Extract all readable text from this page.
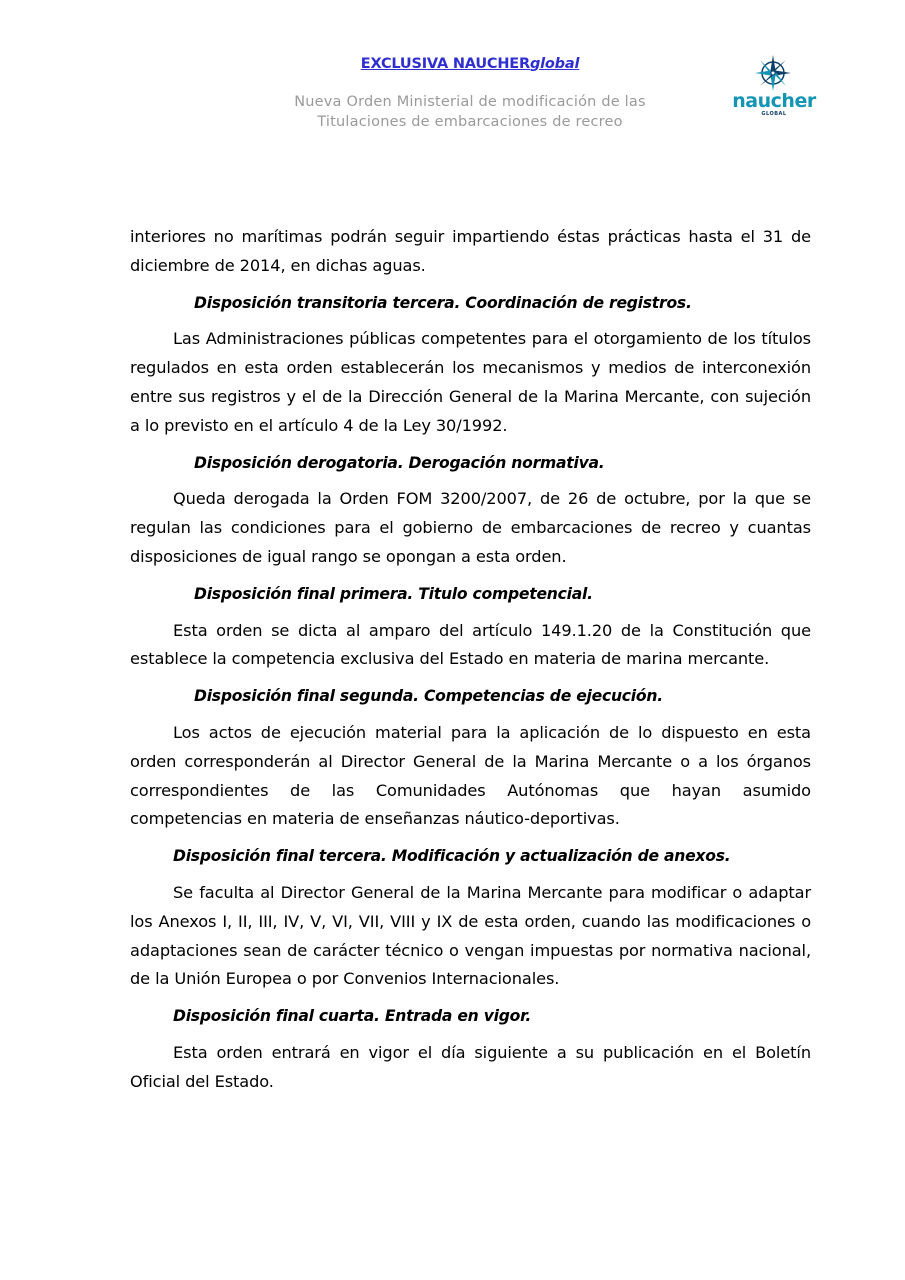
EXCLUSIVA NAUCHERglobal
Nueva Orden Ministerial de modificación de las
Titulaciones de embarcaciones de recreo
naucher
GLOBAL

interiores no marítimas podrán seguir impartiendo éstas prácticas hasta el 31 de diciembre de 2014, en dichas aguas.

Disposición transitoria tercera. Coordinación de registros.

Las Administraciones públicas competentes para el otorgamiento de los títulos regulados en esta orden establecerán los mecanismos y medios de interconexión entre sus registros y el de la Dirección General de la Marina Mercante, con sujeción a lo previsto en el artículo 4 de la Ley 30/1992.

Disposición derogatoria. Derogación normativa.

Queda derogada la Orden FOM 3200/2007, de 26 de octubre, por la que se regulan las condiciones para el gobierno de embarcaciones de recreo y cuantas disposiciones de igual rango se opongan a esta orden.

Disposición final primera. Titulo competencial.

Esta orden se dicta al amparo del artículo 149.1.20 de la Constitución que establece la competencia exclusiva del Estado en materia de marina mercante.

Disposición final segunda. Competencias de ejecución.

Los actos de ejecución material para la aplicación de lo dispuesto en esta orden corresponderán al Director General de la Marina Mercante o a los órganos correspondientes de las Comunidades Autónomas que hayan asumido competencias en materia de enseñanzas náutico-deportivas.

Disposición final tercera. Modificación y actualización de anexos.

Se faculta al Director General de la Marina Mercante para modificar o adaptar los Anexos I, II, III, IV, V, VI, VII, VIII y IX de esta orden, cuando las modificaciones o adaptaciones sean de carácter técnico o vengan impuestas por normativa nacional, de la Unión Europea o por Convenios Internacionales.

Disposición final cuarta. Entrada en vigor.

Esta orden entrará en vigor el día siguiente a su publicación en el Boletín Oficial del Estado.
